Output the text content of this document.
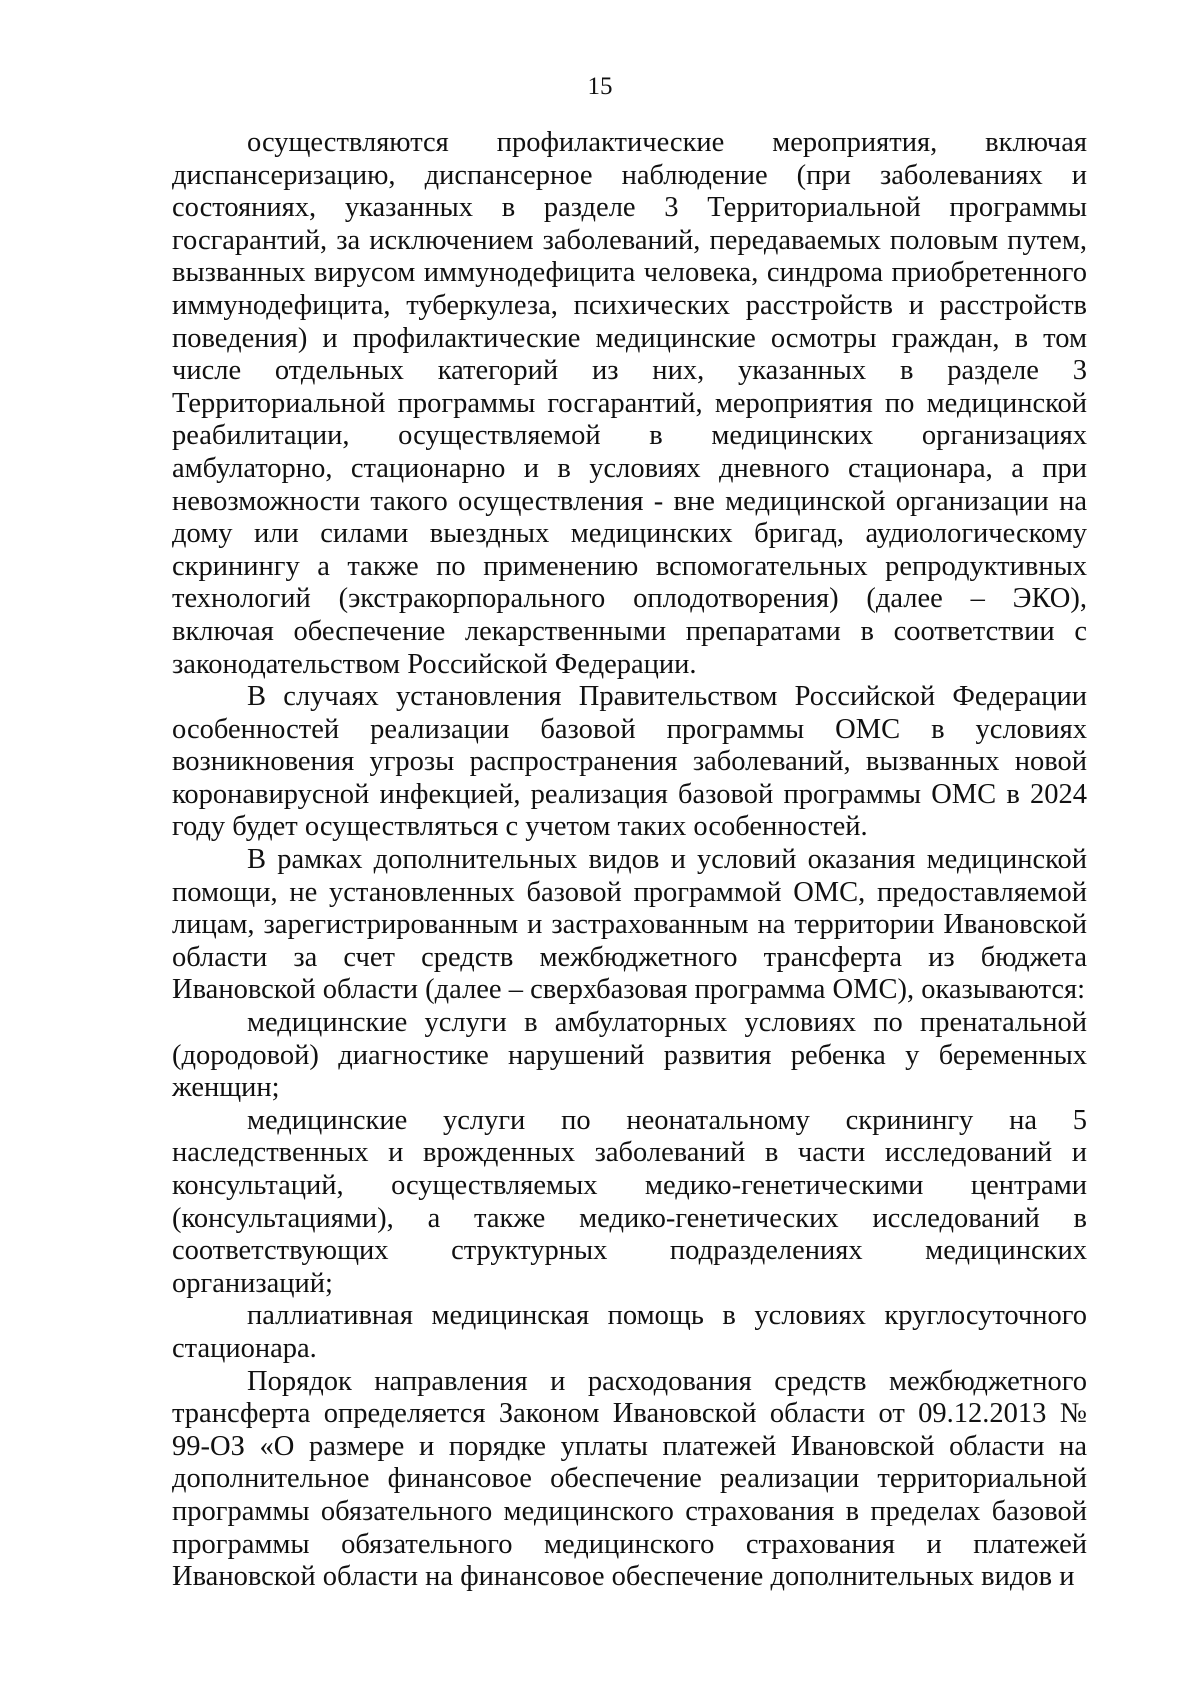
15

осуществляются профилактические мероприятия, включая диспансеризацию, диспансерное наблюдение (при заболеваниях и состояниях, указанных в разделе 3 Территориальной программы госгарантий, за исключением заболеваний, передаваемых половым путем, вызванных вирусом иммунодефицита человека, синдрома приобретенного иммунодефицита, туберкулеза, психических расстройств и расстройств поведения) и профилактические медицинские осмотры граждан, в том числе отдельных категорий из них, указанных в разделе 3 Территориальной программы госгарантий, мероприятия по медицинской реабилитации, осуществляемой в медицинских организациях амбулаторно, стационарно и в условиях дневного стационара, а при невозможности такого осуществления - вне медицинской организации на дому или силами выездных медицинских бригад, аудиологическому скринингу а также по применению вспомогательных репродуктивных технологий (экстракорпорального оплодотворения) (далее – ЭКО), включая обеспечение лекарственными препаратами в соответствии с законодательством Российской Федерации.

В случаях установления Правительством Российской Федерации особенностей реализации базовой программы ОМС в условиях возникновения угрозы распространения заболеваний, вызванных новой коронавирусной инфекцией, реализация базовой программы ОМС в 2024 году будет осуществляться с учетом таких особенностей.

В рамках дополнительных видов и условий оказания медицинской помощи, не установленных базовой программой ОМС, предоставляемой лицам, зарегистрированным и застрахованным на территории Ивановской области за счет средств межбюджетного трансферта из бюджета Ивановской области (далее – сверхбазовая программа ОМС), оказываются:

медицинские услуги в амбулаторных условиях по пренатальной (дородовой) диагностике нарушений развития ребенка у беременных женщин;

медицинские услуги по неонатальному скринингу на 5 наследственных и врожденных заболеваний в части исследований и консультаций, осуществляемых медико-генетическими центрами (консультациями), а также медико-генетических исследований в соответствующих структурных подразделениях медицинских организаций;

паллиативная медицинская помощь в условиях круглосуточного стационара.

Порядок направления и расходования средств межбюджетного трансферта определяется Законом Ивановской области от 09.12.2013 № 99-ОЗ «О размере и порядке уплаты платежей Ивановской области на дополнительное финансовое обеспечение реализации территориальной программы обязательного медицинского страхования в пределах базовой программы обязательного медицинского страхования и платежей Ивановской области на финансовое обеспечение дополнительных видов и
